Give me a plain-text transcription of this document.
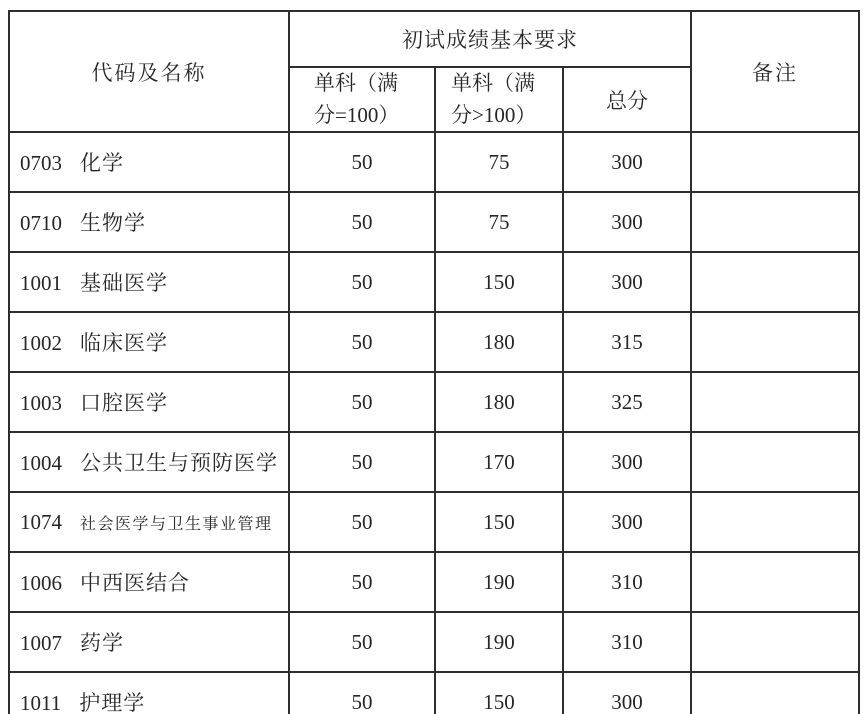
代码及名称	初试成绩基本要求			备注
	单科（满分=100）	单科（满分>100）	总分	
0703 化学	50	75	300	
0710 生物学	50	75	300	
1001 基础医学	50	150	300	
1002 临床医学	50	180	315	
1003 口腔医学	50	180	325	
1004 公共卫生与预防医学	50	170	300	
1074 社会医学与卫生事业管理	50	150	300	
1006 中西医结合	50	190	310	
1007 药学	50	190	310	
1011 护理学	50	150	300	
